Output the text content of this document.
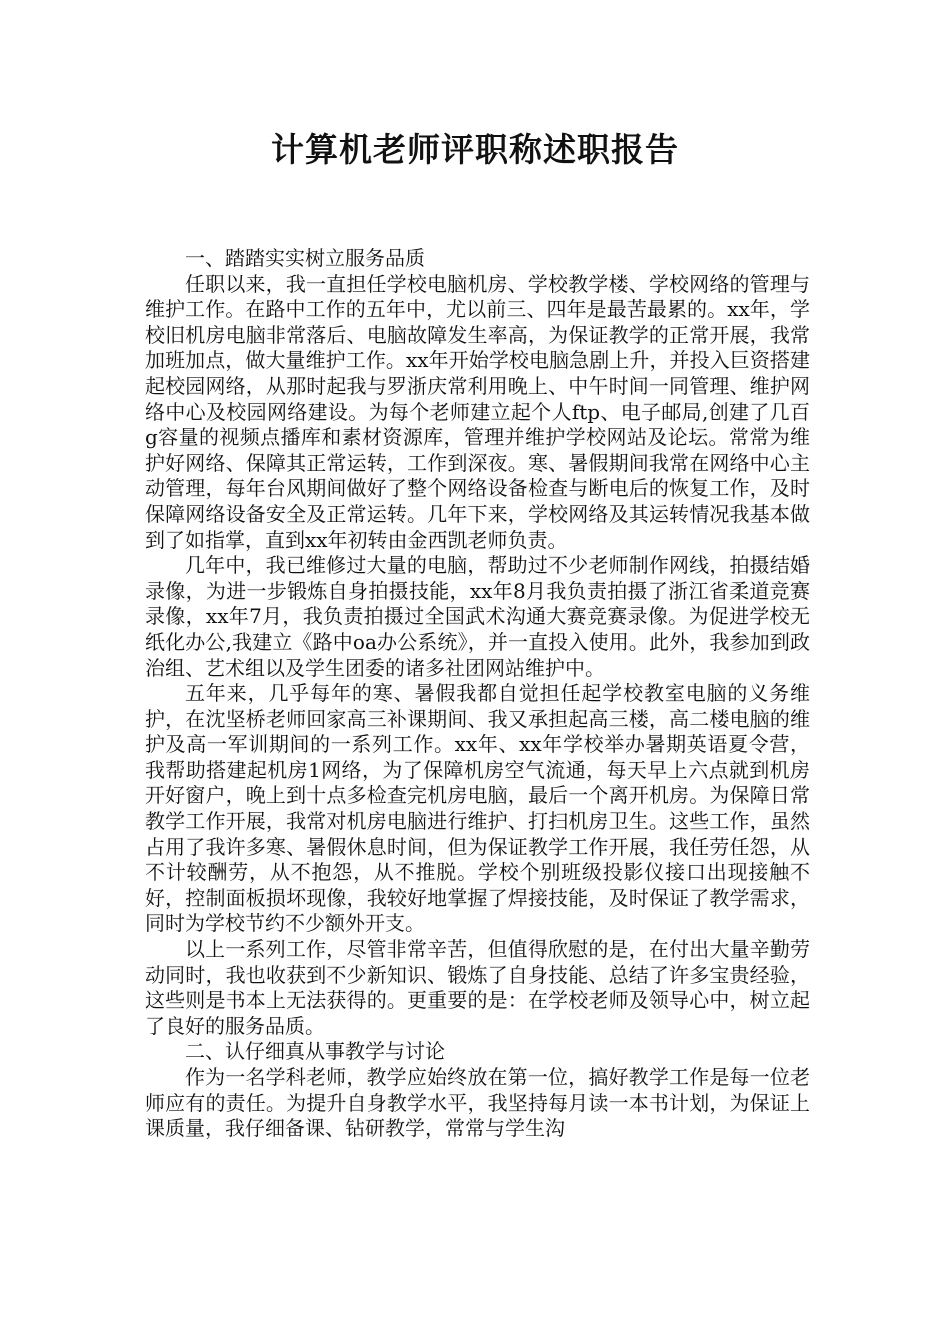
计算机老师评职称述职报告

一、踏踏实实树立服务品质

任职以来，我一直担任学校电脑机房、学校教学楼、学校网络的管理与维护工作。在路中工作的五年中，尤以前三、四年是最苦最累的。xx年，学校旧机房电脑非常落后、电脑故障发生率高，为保证教学的正常开展，我常加班加点，做大量维护工作。xx年开始学校电脑急剧上升，并投入巨资搭建起校园网络，从那时起我与罗浙庆常利用晚上、中午时间一同管理、维护网络中心及校园网络建设。为每个老师建立起个人ftp、电子邮局,创建了几百g容量的视频点播库和素材资源库，管理并维护学校网站及论坛。常常为维护好网络、保障其正常运转，工作到深夜。寒、暑假期间我常在网络中心主动管理，每年台风期间做好了整个网络设备检查与断电后的恢复工作，及时保障网络设备安全及正常运转。几年下来，学校网络及其运转情况我基本做到了如指掌，直到xx年初转由金西凯老师负责。

几年中，我已维修过大量的电脑，帮助过不少老师制作网线，拍摄结婚录像，为进一步锻炼自身拍摄技能，xx年8月我负责拍摄了浙江省柔道竞赛录像，xx年7月，我负责拍摄过全国武术沟通大赛竞赛录像。为促进学校无纸化办公,我建立《路中oa办公系统》，并一直投入使用。此外，我参加到政治组、艺术组以及学生团委的诸多社团网站维护中。

五年来，几乎每年的寒、暑假我都自觉担任起学校教室电脑的义务维护，在沈坚桥老师回家高三补课期间、我又承担起高三楼，高二楼电脑的维护及高一军训期间的一系列工作。xx年、xx年学校举办暑期英语夏令营，我帮助搭建起机房1网络，为了保障机房空气流通，每天早上六点就到机房开好窗户，晚上到十点多检查完机房电脑，最后一个离开机房。为保障日常教学工作开展，我常对机房电脑进行维护、打扫机房卫生。这些工作，虽然占用了我许多寒、暑假休息时间，但为保证教学工作开展，我任劳任怨，从不计较酬劳，从不抱怨，从不推脱。学校个别班级投影仪接口出现接触不好，控制面板损坏现像，我较好地掌握了焊接技能，及时保证了教学需求，同时为学校节约不少额外开支。

以上一系列工作，尽管非常辛苦，但值得欣慰的是，在付出大量辛勤劳动同时，我也收获到不少新知识、锻炼了自身技能、总结了许多宝贵经验，这些则是书本上无法获得的。更重要的是：在学校老师及领导心中，树立起了良好的服务品质。

二、认仔细真从事教学与讨论

作为一名学科老师，教学应始终放在第一位，搞好教学工作是每一位老师应有的责任。为提升自身教学水平，我坚持每月读一本书计划，为保证上课质量，我仔细备课、钻研教学，常常与学生沟
